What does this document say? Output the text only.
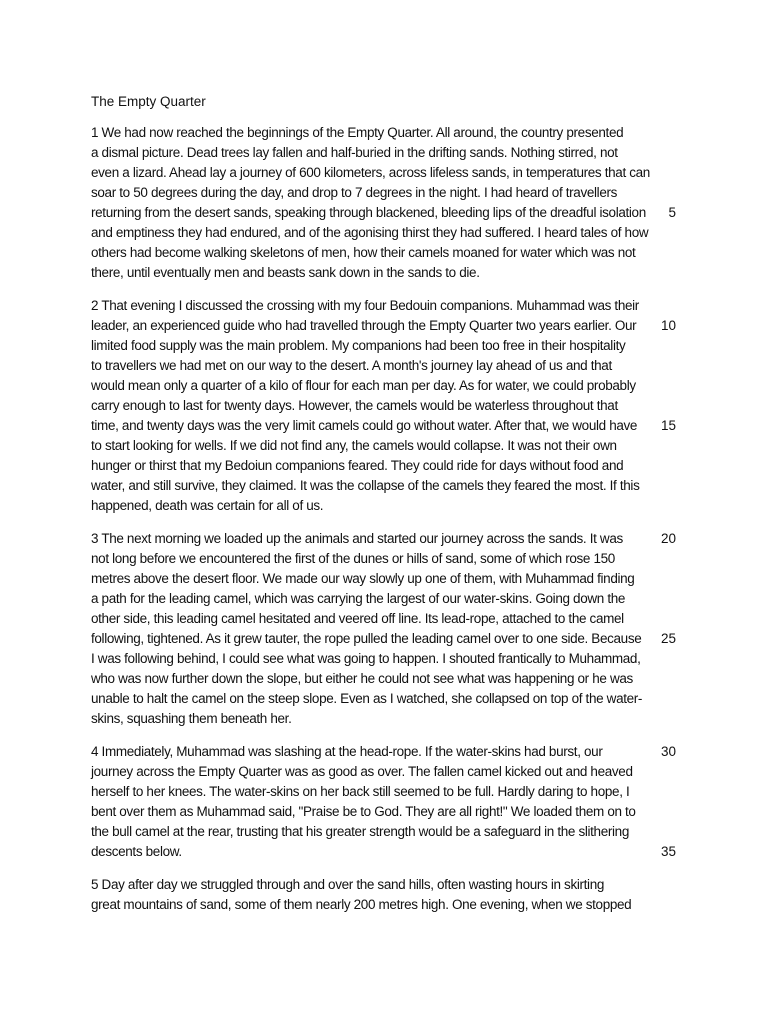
The Empty Quarter
1 We had now reached the beginnings of the Empty Quarter. All around, the country presented
a dismal picture. Dead trees lay fallen and half-buried in the drifting sands. Nothing stirred, not
even a lizard. Ahead lay a journey of 600 kilometers, across lifeless sands, in temperatures that can
soar to 50 degrees during the day, and drop to 7 degrees in the night. I had heard of travellers
returning from the desert sands, speaking through blackened, bleeding lips of the dreadful isolation
and emptiness they had endured, and of the agonising thirst they had suffered. I heard tales of how
others had become walking skeletons of men, how their camels moaned for water which was not
there, until eventually men and beasts sank down in the sands to die.
2 That evening I discussed the crossing with my four Bedouin companions. Muhammad was their
leader, an experienced guide who had travelled through the Empty Quarter two years earlier. Our
limited food supply was the main problem. My companions had been too free in their hospitality
to travellers we had met on our way to the desert. A month's journey lay ahead of us and that
would mean only a quarter of a kilo of flour for each man per day. As for water, we could probably
carry enough to last for twenty days. However, the camels would be waterless throughout that
time, and twenty days was the very limit camels could go without water. After that, we would have
to start looking for wells. If we did not find any, the camels would collapse. It was not their own
hunger or thirst that my Bedoiun companions feared. They could ride for days without food and
water, and still survive, they claimed. It was the collapse of the camels they feared the most. If this
happened, death was certain for all of us.
3 The next morning we loaded up the animals and started our journey across the sands. It was
not long before we encountered the first of the dunes or hills of sand, some of which rose 150
metres above the desert floor. We made our way slowly up one of them, with Muhammad finding
a path for the leading camel, which was carrying the largest of our water-skins. Going down the
other side, this leading camel hesitated and veered off line. Its lead-rope, attached to the camel
following, tightened. As it grew tauter, the rope pulled the leading camel over to one side. Because
I was following behind, I could see what was going to happen. I shouted frantically to Muhammad,
who was now further down the slope, but either he could not see what was happening or he was
unable to halt the camel on the steep slope. Even as I watched, she collapsed on top of the water-
skins, squashing them beneath her.
4 Immediately, Muhammad was slashing at the head-rope. If the water-skins had burst, our
journey across the Empty Quarter was as good as over. The fallen camel kicked out and heaved
herself to her knees. The water-skins on her back still seemed to be full. Hardly daring to hope, I
bent over them as Muhammad said, "Praise be to God. They are all right!" We loaded them on to
the bull camel at the rear, trusting that his greater strength would be a safeguard in the slithering
descents below.
5 Day after day we struggled through and over the sand hills, often wasting hours in skirting
great mountains of sand, some of them nearly 200 metres high. One evening, when we stopped
5
10
15
20
25
30
35
